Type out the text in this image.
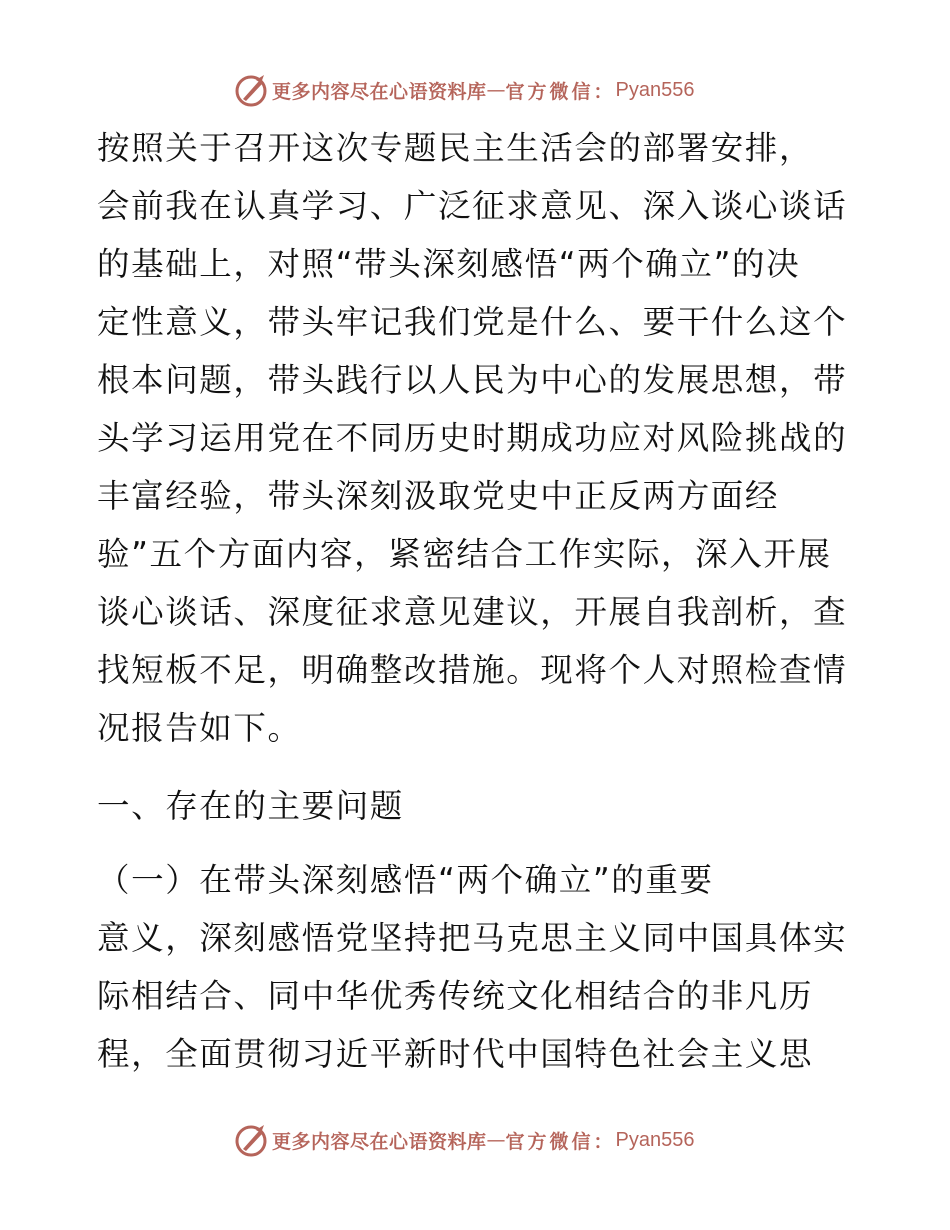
更多内容尽在心语资料库 — 官方微信： Pyan556
按照关于召开这次专题民主生活会的部署安排，
会前我在认真学习、广泛征求意见、深入谈心谈话
的基础上，对照“带头深刻感悟“两个确立”的决
定性意义，带头牢记我们党是什么、要干什么这个
根本问题，带头践行以人民为中心的发展思想，带
头学习运用党在不同历史时期成功应对风险挑战的
丰富经验，带头深刻汲取党史中正反两方面经
验”五个方面内容，紧密结合工作实际，深入开展
谈心谈话、深度征求意见建议，开展自我剖析，查
找短板不足，明确整改措施。现将个人对照检查情
况报告如下。
一、存在的主要问题
（一）在带头深刻感悟“两个确立”的重要
意义，深刻感悟党坚持把马克思主义同中国具体实
际相结合、同中华优秀传统文化相结合的非凡历
程，全面贯彻习近平新时代中国特色社会主义思
更多内容尽在心语资料库 — 官方微信： Pyan556
